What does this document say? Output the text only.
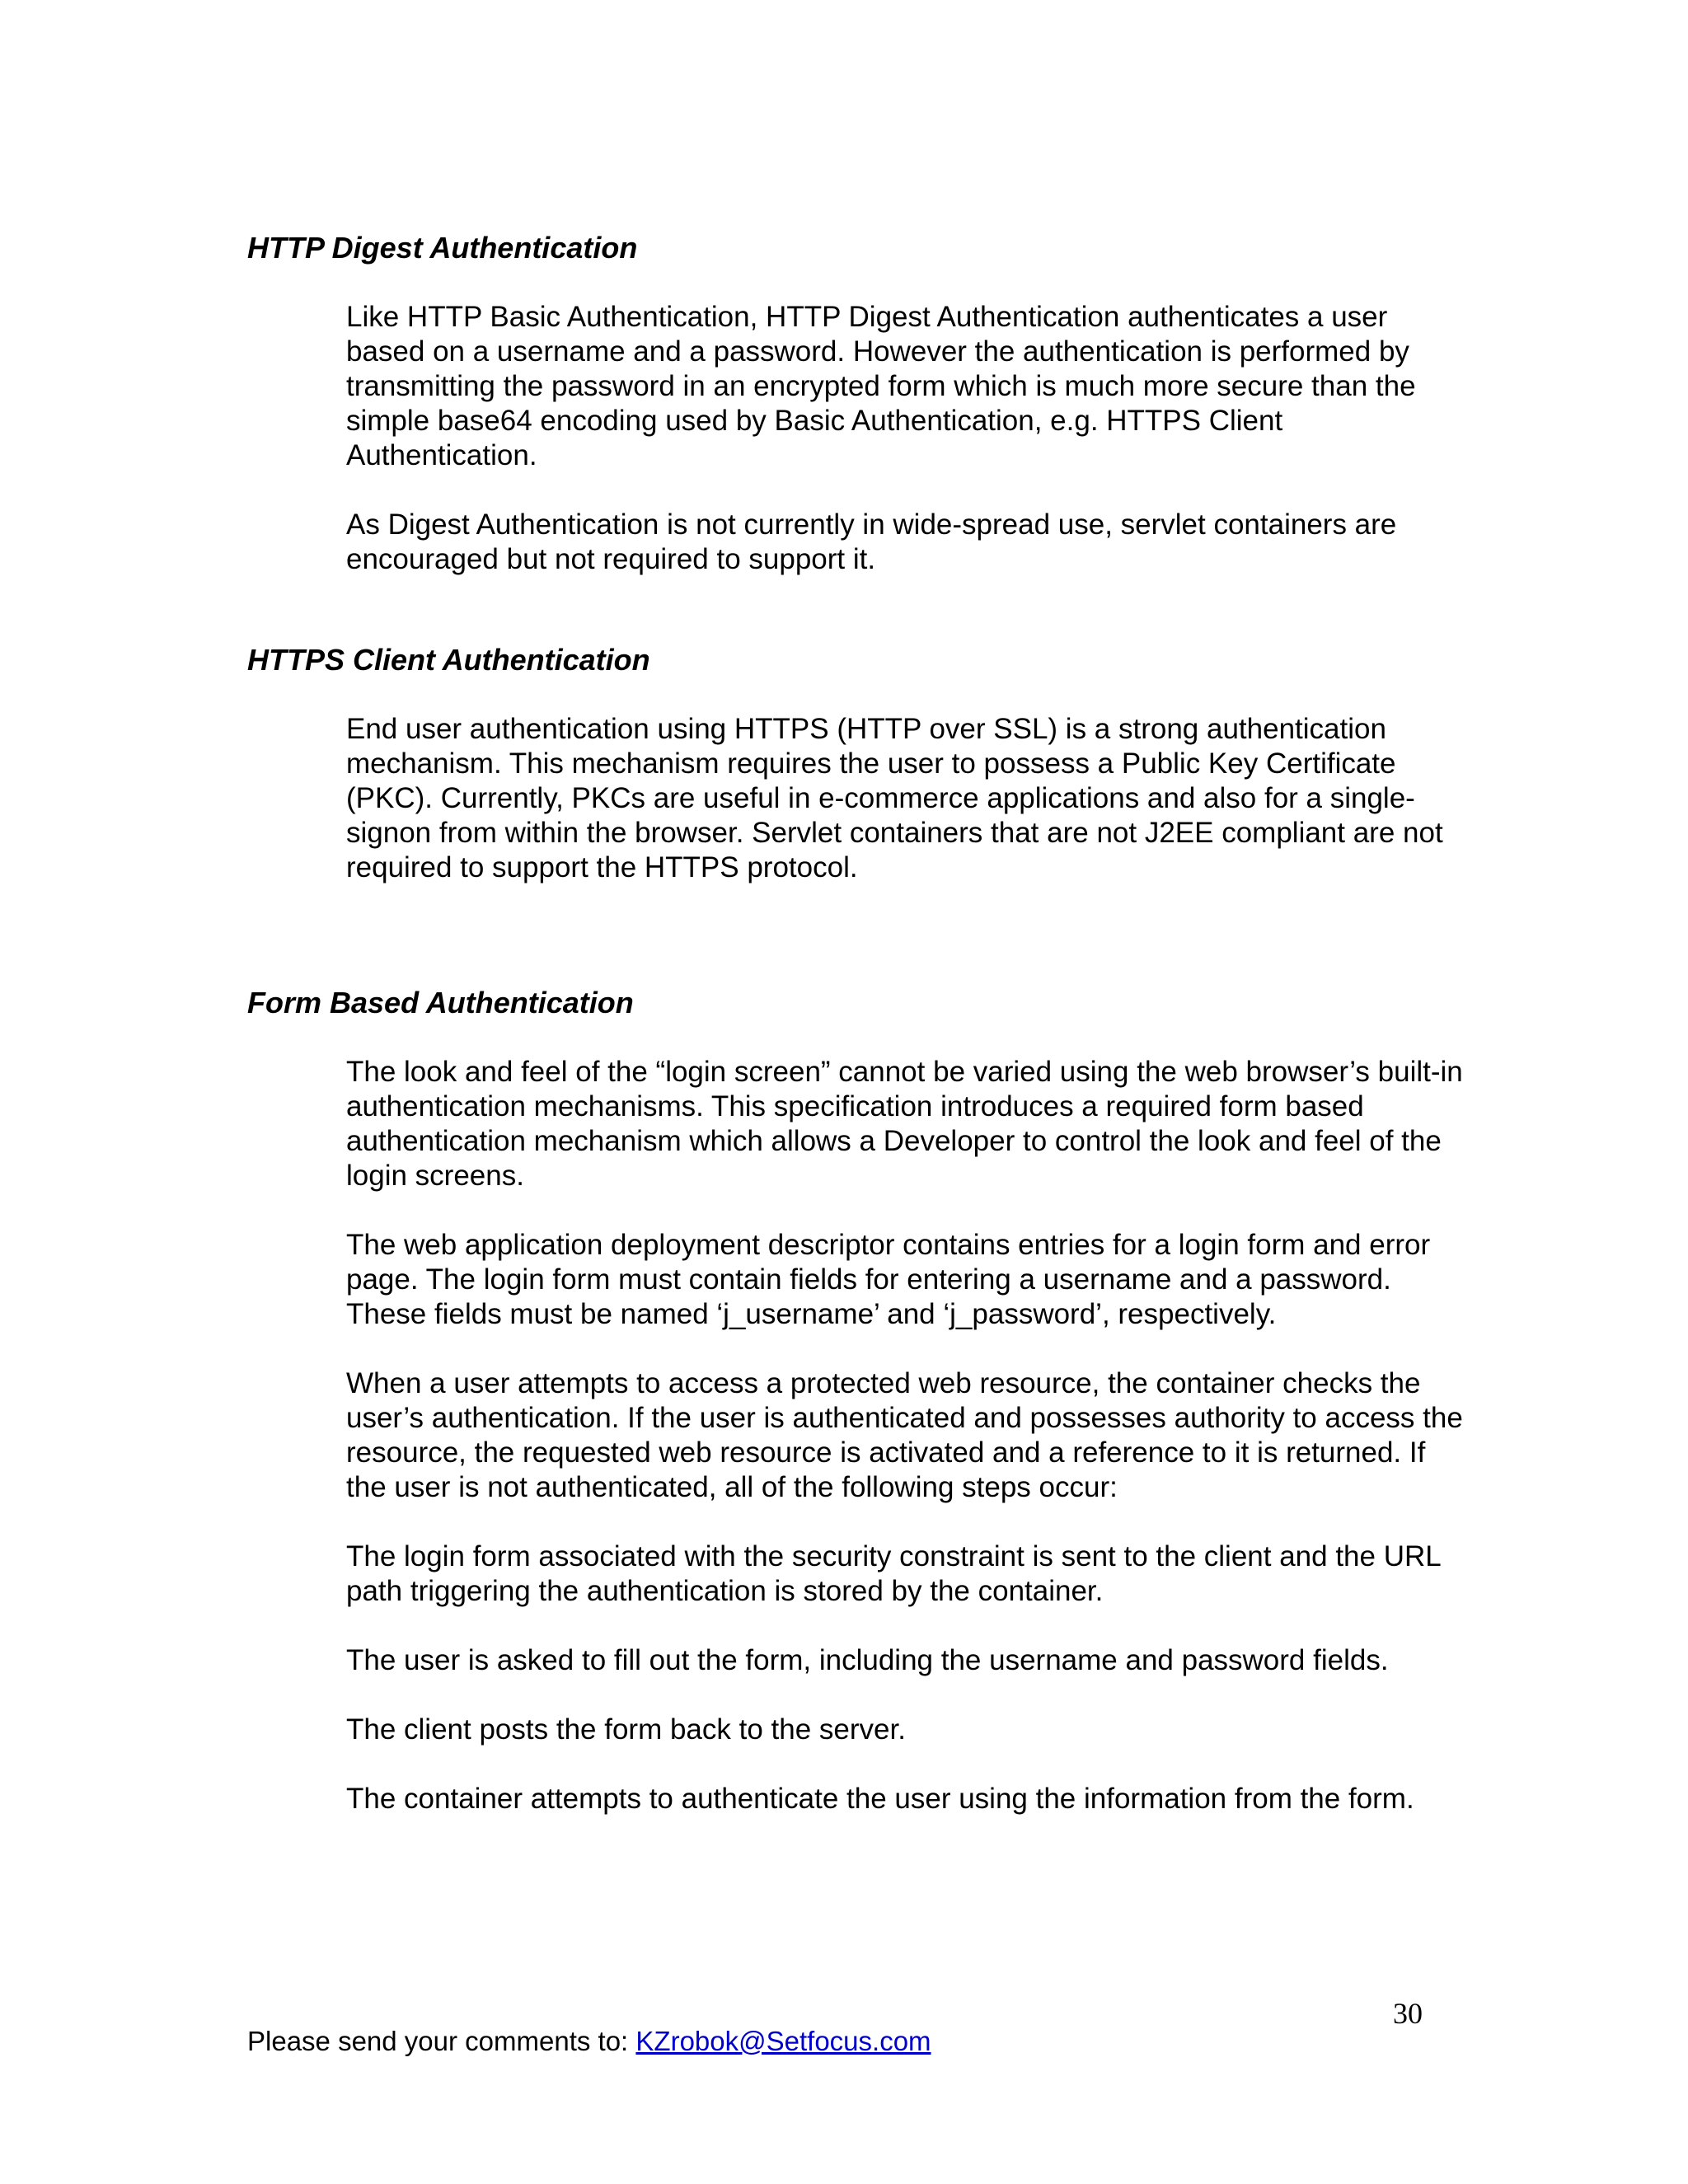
HTTP Digest Authentication

Like HTTP Basic Authentication, HTTP Digest Authentication authenticates a user based on a username and a password. However the authentication is performed by transmitting the password in an encrypted form which is much more secure than the simple base64 encoding used by Basic Authentication, e.g. HTTPS Client Authentication.

As Digest Authentication is not currently in wide-spread use, servlet containers are encouraged but not required to support it.

HTTPS Client Authentication

End user authentication using HTTPS (HTTP over SSL) is a strong authentication mechanism. This mechanism requires the user to possess a Public Key Certificate (PKC). Currently, PKCs are useful in e-commerce applications and also for a single-signon from within the browser. Servlet containers that are not J2EE compliant are not required to support the HTTPS protocol.

Form Based Authentication

The look and feel of the “login screen” cannot be varied using the web browser’s built-in authentication mechanisms. This specification introduces a required form based authentication mechanism which allows a Developer to control the look and feel of the login screens.

The web application deployment descriptor contains entries for a login form and error page. The login form must contain fields for entering a username and a password. These fields must be named ‘j_username’ and ‘j_password’, respectively.

When a user attempts to access a protected web resource, the container checks the user’s authentication. If the user is authenticated and possesses authority to access the resource, the requested web resource is activated and a reference to it is returned. If the user is not authenticated, all of the following steps occur:

The login form associated with the security constraint is sent to the client and the URL path triggering the authentication is stored by the container.

The user is asked to fill out the form, including the username and password fields.

The client posts the form back to the server.

The container attempts to authenticate the user using the information from the form.

30
Please send your comments to: KZrobok@Setfocus.com
